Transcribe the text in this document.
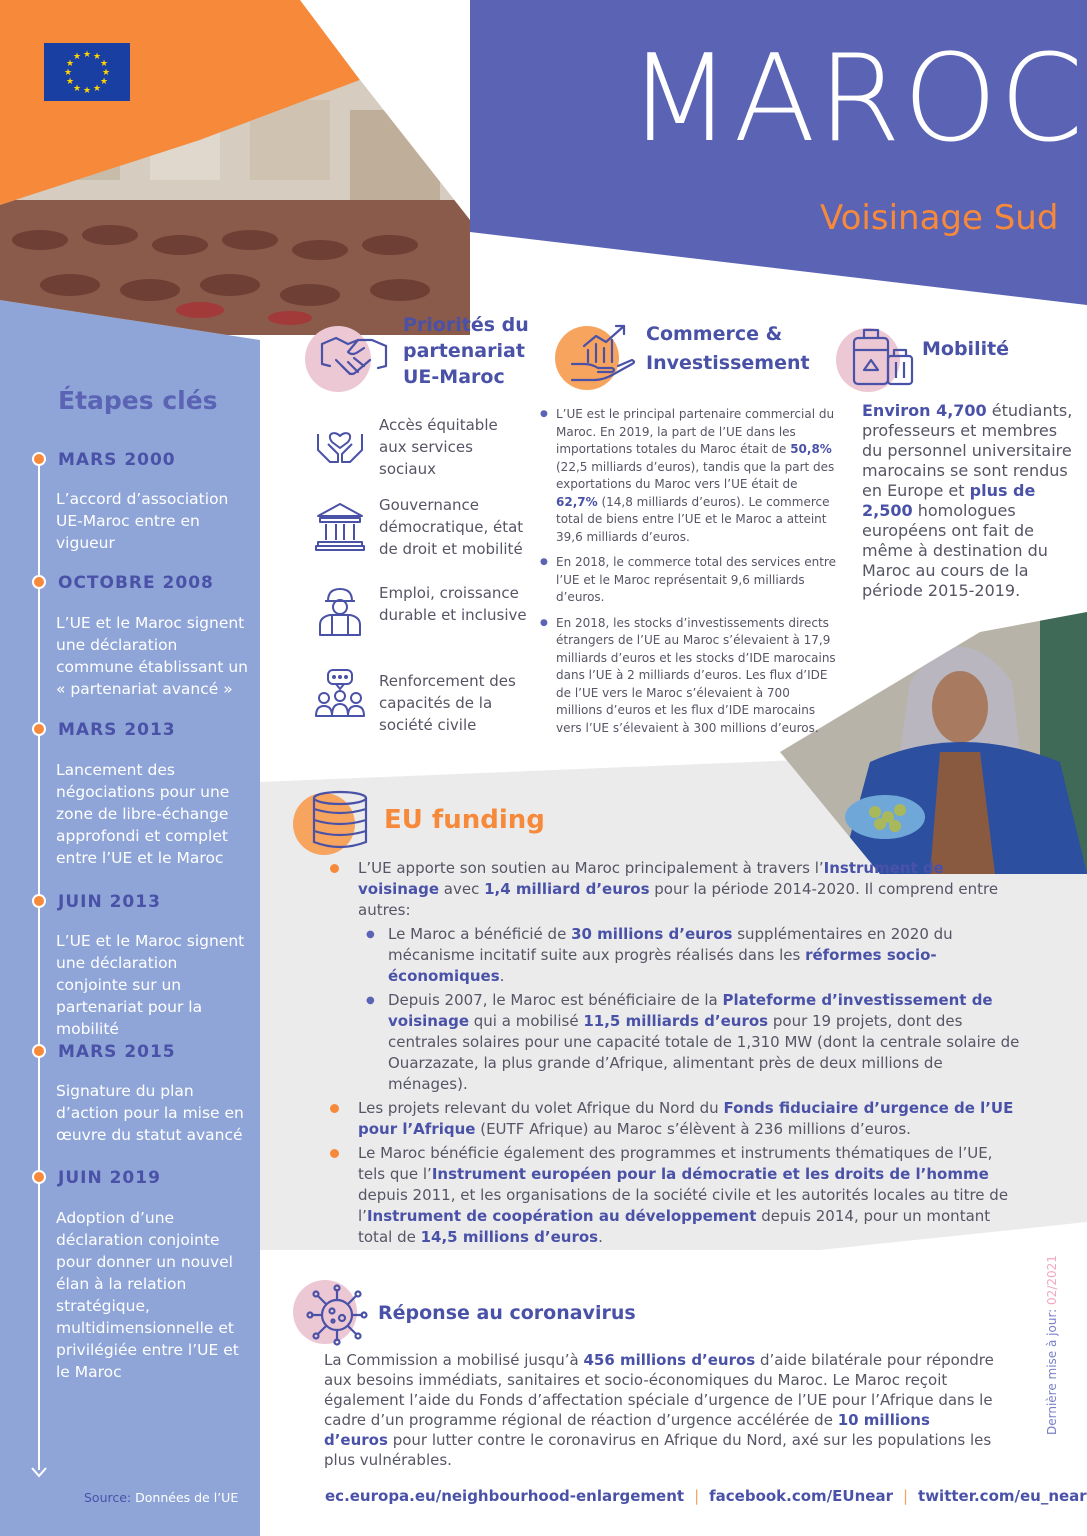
★ ★
★
★
★
★
★
★
★
★
★
★	MAROC
Voisinage Sud
Étapes clés
MARS 2000
L’accord d’association UE-Maroc entre en vigueur
OCTOBRE 2008
L’UE et le Maroc signent une déclaration commune établissant un « partenariat avancé »
MARS 2013
Lancement des négociations pour une zone de libre-échange approfondi et complet entre l’UE et le Maroc
JUIN 2013
L’UE et le Maroc signent une déclaration conjointe sur un partenariat pour la mobilité
MARS 2015
Signature du plan d’action pour la mise en œuvre du statut avancé
JUIN 2019
Adoption d’une déclaration conjointe pour donner un nouvel élan à la relation stratégique, multidimensionnelle et privilégiée entre l’UE et le Maroc
Source: Données de l’UE
Priorités du partenariat UE-Maroc
Accès équitable aux services sociaux
Gouvernance démocratique, état de droit et mobilité
Emploi, croissance durable et inclusive
Renforcement des capacités de la société civile
Commerce & Investissement
● L’UE est le principal partenaire commercial du Maroc. En 2019, la part de l’UE dans les importations totales du Maroc était de 50,8% (22,5 milliards d’euros), tandis que la part des exportations du Maroc vers l’UE était de 62,7% (14,8 milliards d’euros). Le commerce total de biens entre l’UE et le Maroc a atteint 39,6 milliards d’euros.
● En 2018, le commerce total des services entre l’UE et le Maroc représentait 9,6 milliards d’euros.
● En 2018, les stocks d’investissements directs étrangers de l’UE au Maroc s’élevaient à 17,9 milliards d’euros et les stocks d’IDE marocains dans l’UE à 2 milliards d’euros. Les flux d’IDE de l’UE vers le Maroc s’élevaient à 700 millions d’euros et les flux d’IDE marocains vers l’UE s’élevaient à 300 millions d’euros.
Mobilité
Environ 4,700 étudiants, professeurs et membres du personnel universitaire marocains se sont rendus en Europe et plus de 2,500 homologues européens ont fait de même à destination du Maroc au cours de la période 2015-2019.
EU funding
L’UE apporte son soutien au Maroc principalement à travers l’Instrument de voisinage avec 1,4 milliard d’euros pour la période 2014-2020. Il comprend entre autres:
● Le Maroc a bénéficié de 30 millions d’euros supplémentaires en 2020 du mécanisme incitatif suite aux progrès réalisés dans les réformes socio-économiques.
● Depuis 2007, le Maroc est bénéficiaire de la Plateforme d’investissement de voisinage qui a mobilisé 11,5 milliards d’euros pour 19 projets, dont des centrales solaires pour une capacité totale de 1,310 MW (dont la centrale solaire de Ouarzazate, la plus grande d’Afrique, alimentant près de deux millions de ménages).
Les projets relevant du volet Afrique du Nord du Fonds fiduciaire d’urgence de l’UE pour l’Afrique (EUTF Afrique) au Maroc s’élèvent à 236 millions d’euros.
Le Maroc bénéficie également des programmes et instruments thématiques de l’UE, tels que l’Instrument européen pour la démocratie et les droits de l’homme depuis 2011, et les organisations de la société civile et les autorités locales au titre de l’Instrument de coopération au développement depuis 2014, pour un montant total de 14,5 millions d’euros.
Réponse au coronavirus
La Commission a mobilisé jusqu’à 456 millions d’euros d’aide bilatérale pour répondre aux besoins immédiats, sanitaires et socio-économiques du Maroc. Le Maroc reçoit également l’aide du Fonds d’affectation spéciale d’urgence de l’UE pour l’Afrique dans le cadre d’un programme régional de réaction d’urgence accélérée de 10 millions d’euros pour lutter contre le coronavirus en Afrique du Nord, axé sur les populations les plus vulnérables.
ec.europa.eu/neighbourhood-enlargement | facebook.com/EUnear | twitter.com/eu_near
Dernière mise à jour: 02/2021
